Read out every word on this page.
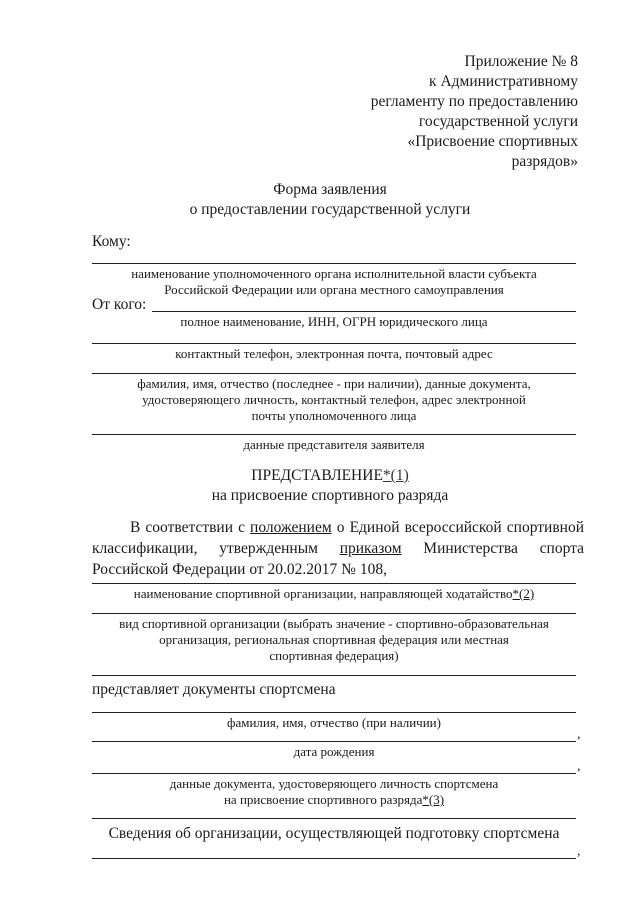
Приложение № 8
к Административному
регламенту по предоставлению
государственной услуги
«Присвоение спортивных
разрядов»
Форма заявления
о предоставлении государственной услуги
Кому:
наименование уполномоченного органа исполнительной власти субъекта
Российской Федерации или органа местного самоуправления
От кого:
полное наименование, ИНН, ОГРН юридического лица
контактный телефон, электронная почта, почтовый адрес
фамилия, имя, отчество (последнее - при наличии), данные документа,
удостоверяющего личность, контактный телефон, адрес электронной
почты уполномоченного лица
данные представителя заявителя
ПРЕДСТАВЛЕНИЕ*(1)
на присвоение спортивного разряда
В соответствии с положением о Единой всероссийской спортивной классификации, утвержденным приказом Министерства спорта Российской Федерации от 20.02.2017 № 108,
наименование спортивной организации, направляющей ходатайство*(2)
вид спортивной организации (выбрать значение - спортивно-образовательная
организация, региональная спортивная федерация или местная
спортивная федерация)
представляет документы спортсмена
фамилия, имя, отчество (при наличии)
,
дата рождения
,
данные документа, удостоверяющего личность спортсмена
на присвоение спортивного разряда*(3)
Сведения об организации, осуществляющей подготовку спортсмена
,
